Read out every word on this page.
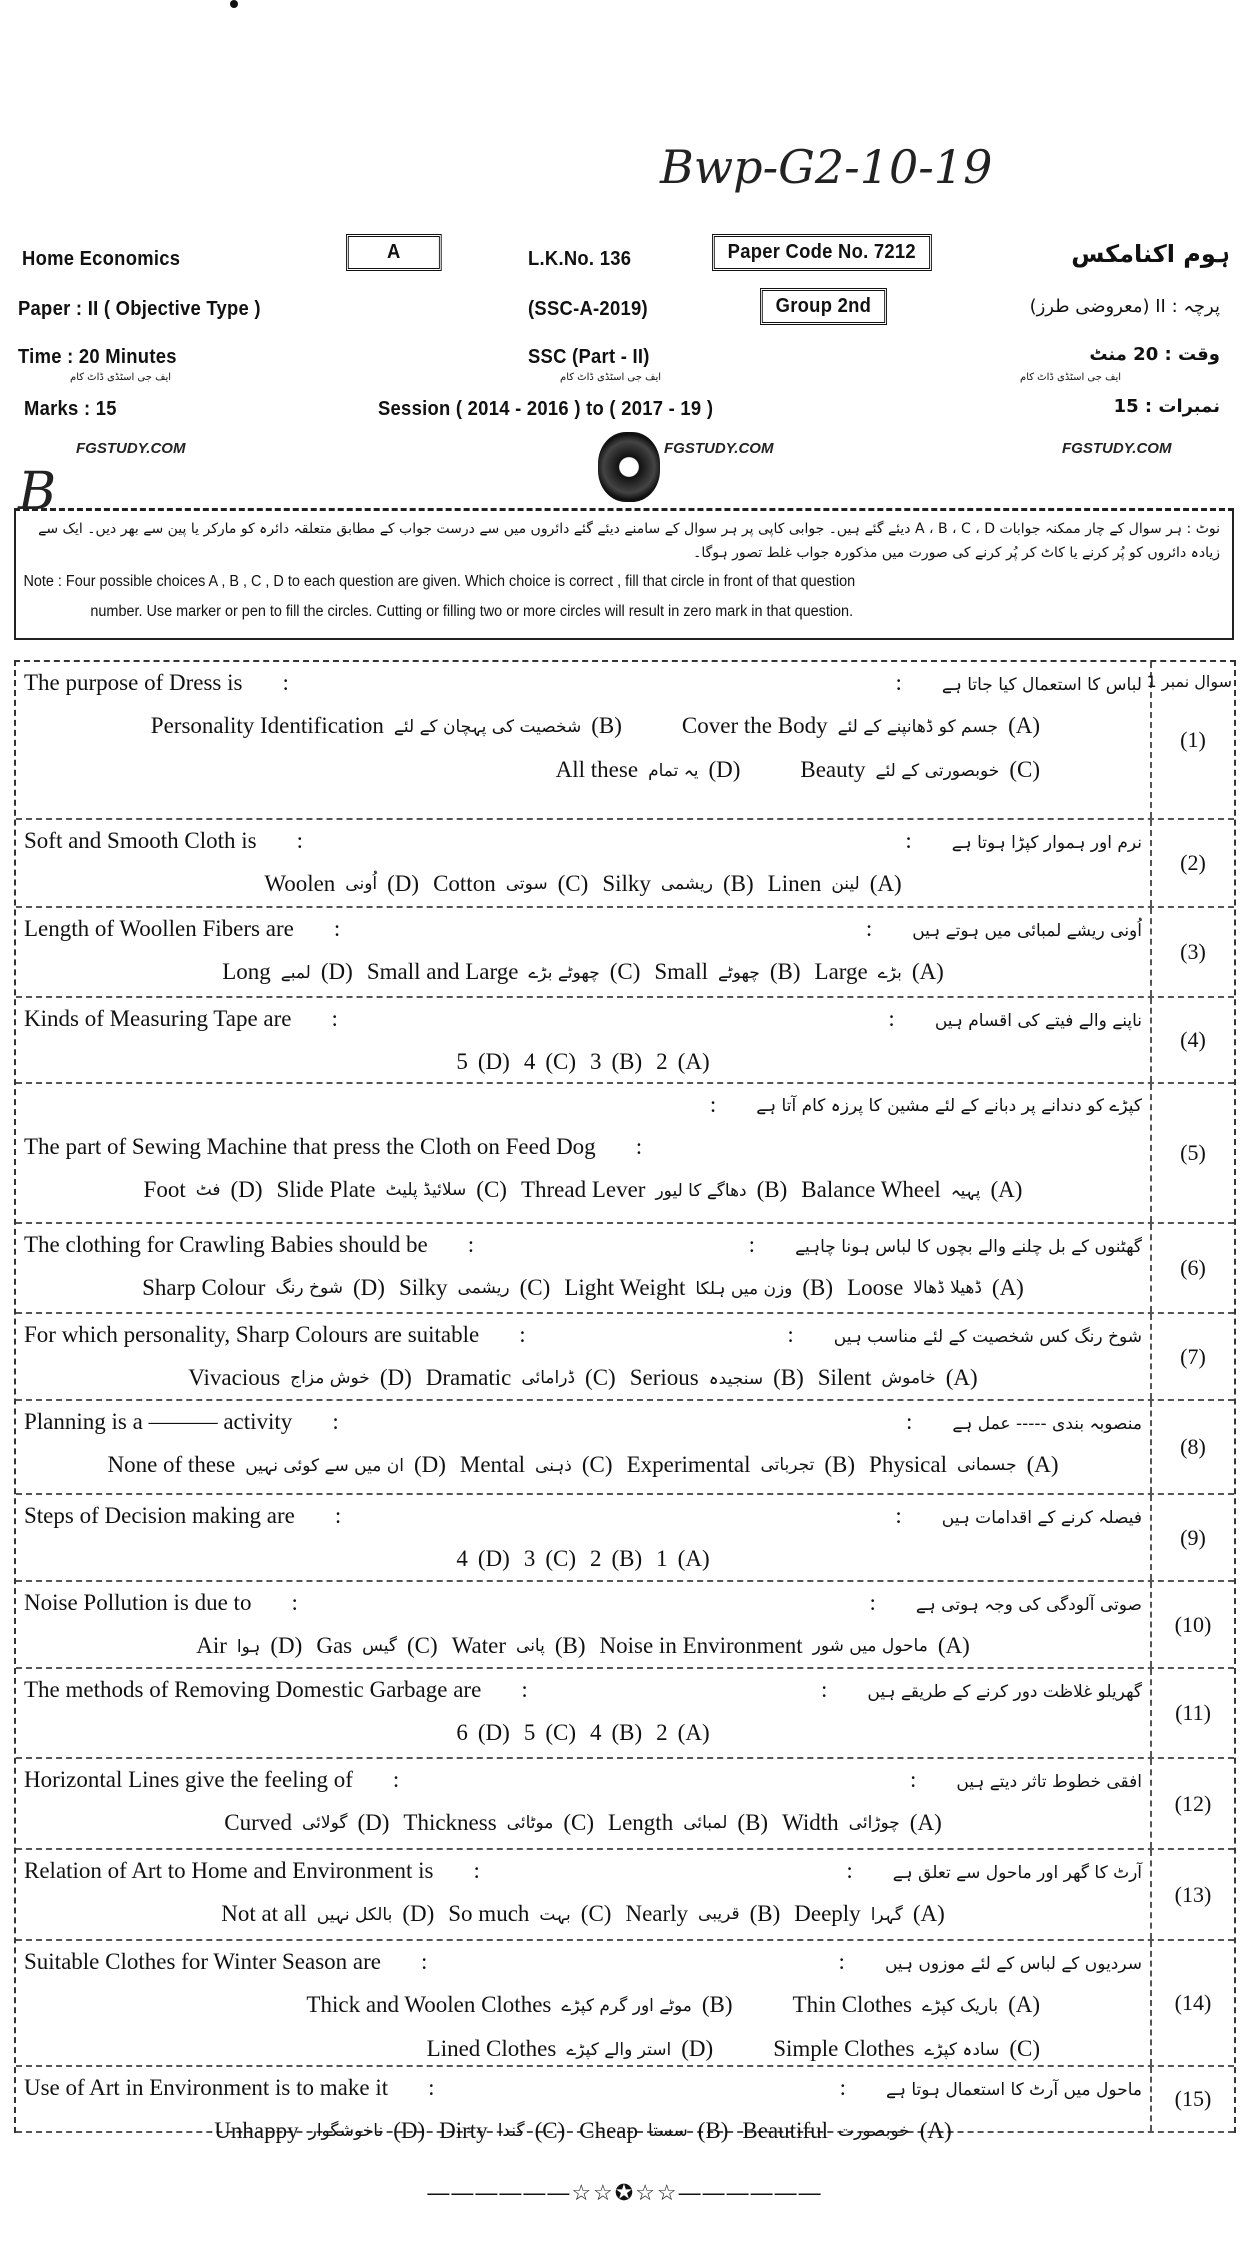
Bwp-G2-10-19
Home Economics	A	L.K.No. 136	Paper Code No. 7212	ہوم اکنامکس
Paper : II ( Objective Type )	(SSC-A-2019)	Group 2nd	پرچہ : II (معروضی طرز)
Time : 20 Minutes	SSC (Part - II)	وقت : 20 منٹ
ایف جی اسٹڈی ڈاٹ کام	ایف جی اسٹڈی ڈاٹ کام	ایف جی اسٹڈی ڈاٹ کام
Marks : 15	Session ( 2014 - 2016 ) to ( 2017 - 19 )	نمبرات : 15
FGSTUDY.COM	FGSTUDY.COM	FGSTUDY.COM
B
نوٹ : ہر سوال کے چار ممکنہ جوابات A ، B ، C ، D دیئے گئے ہیں۔ جوابی کاپی پر ہر سوال کے سامنے دیئے گئے دائروں میں سے درست جواب کے مطابق متعلقہ دائرہ کو مارکر یا پین سے بھر دیں۔ ایک سے زیادہ دائروں کو پُر کرنے یا کاٹ کر پُر کرنے کی صورت میں مذکورہ جواب غلط تصور ہوگا۔
Note : Four possible choices A , B , C , D to each question are given. Which choice is correct , fill that circle in front of that question
number. Use marker or pen to fill the circles. Cutting or filling two or more circles will result in zero mark in that question.
The purpose of Dress is :	: لباس کا استعمال کیا جاتا ہے
Personality Identification شخصیت کی پہچان کے لئے (B)	Cover the Body جسم کو ڈھانپنے کے لئے (A)
All these یہ تمام (D)	Beauty خوبصورتی کے لئے (C)
سوال نمبر 1
(1)
Soft and Smooth Cloth is :	: نرم اور ہموار کپڑا ہوتا ہے
Woolen اُونی (D) Cotton سوتی (C) Silky ریشمی (B) Linen لینن (A)
(2)
Length of Woollen Fibers are :	: اُونی ریشے لمبائی میں ہوتے ہیں
Long لمبے (D) Small and Large چھوٹے بڑے (C) Small چھوٹے (B) Large بڑے (A)
(3)
Kinds of Measuring Tape are :	: ناپنے والے فیتے کی اقسام ہیں
5 (D) 4 (C) 3 (B) 2 (A)
(4)
: کپڑے کو دندانے پر دبانے کے لئے مشین کا پرزہ کام آتا ہے
The part of Sewing Machine that press the Cloth on Feed Dog :
Foot فٹ (D) Slide Plate سلائیڈ پلیٹ (C) Thread Lever دھاگے کا لیور (B) Balance Wheel پہیہ (A)
(5)
The clothing for Crawling Babies should be :	: گھٹنوں کے بل چلنے والے بچوں کا لباس ہونا چاہیے
Sharp Colour شوخ رنگ (D) Silky ریشمی (C) Light Weight وزن میں ہلکا (B) Loose ڈھیلا ڈھالا (A)
(6)
For which personality, Sharp Colours are suitable :	: شوخ رنگ کس شخصیت کے لئے مناسب ہیں
Vivacious خوش مزاج (D) Dramatic ڈرامائی (C) Serious سنجیدہ (B) Silent خاموش (A)
(7)
Planning is a ——— activity :	: منصوبہ بندی ----- عمل ہے
None of these ان میں سے کوئی نہیں (D) Mental ذہنی (C) Experimental تجرباتی (B) Physical جسمانی (A)
(8)
Steps of Decision making are :	: فیصلہ کرنے کے اقدامات ہیں
4 (D) 3 (C) 2 (B) 1 (A)
(9)
Noise Pollution is due to :	: صوتی آلودگی کی وجہ ہوتی ہے
Air ہوا (D) Gas گیس (C) Water پانی (B) Noise in Environment ماحول میں شور (A)
(10)
The methods of Removing Domestic Garbage are :	: گھریلو غلاظت دور کرنے کے طریقے ہیں
6 (D) 5 (C) 4 (B) 2 (A)
(11)
Horizontal Lines give the feeling of :	: افقی خطوط تاثر دیتے ہیں
Curved گولائی (D) Thickness موٹائی (C) Length لمبائی (B) Width چوڑائی (A)
(12)
Relation of Art to Home and Environment is :	: آرٹ کا گھر اور ماحول سے تعلق ہے
Not at all بالکل نہیں (D) So much بہت (C) Nearly قریبی (B) Deeply گہرا (A)
(13)
Suitable Clothes for Winter Season are :	: سردیوں کے لباس کے لئے موزوں ہیں
Thick and Woolen Clothes موٹے اور گرم کپڑے (B)	Thin Clothes باریک کپڑے (A)
Lined Clothes استر والے کپڑے (D)	Simple Clothes سادہ کپڑے (C)
(14)
Use of Art in Environment is to make it :	: ماحول میں آرٹ کا استعمال ہوتا ہے
Unhappy ناخوشگوار (D) Dirty گندا (C) Cheap سستا (B) Beautiful خوبصورت (A)
(15)
——————☆☆✪☆☆——————
